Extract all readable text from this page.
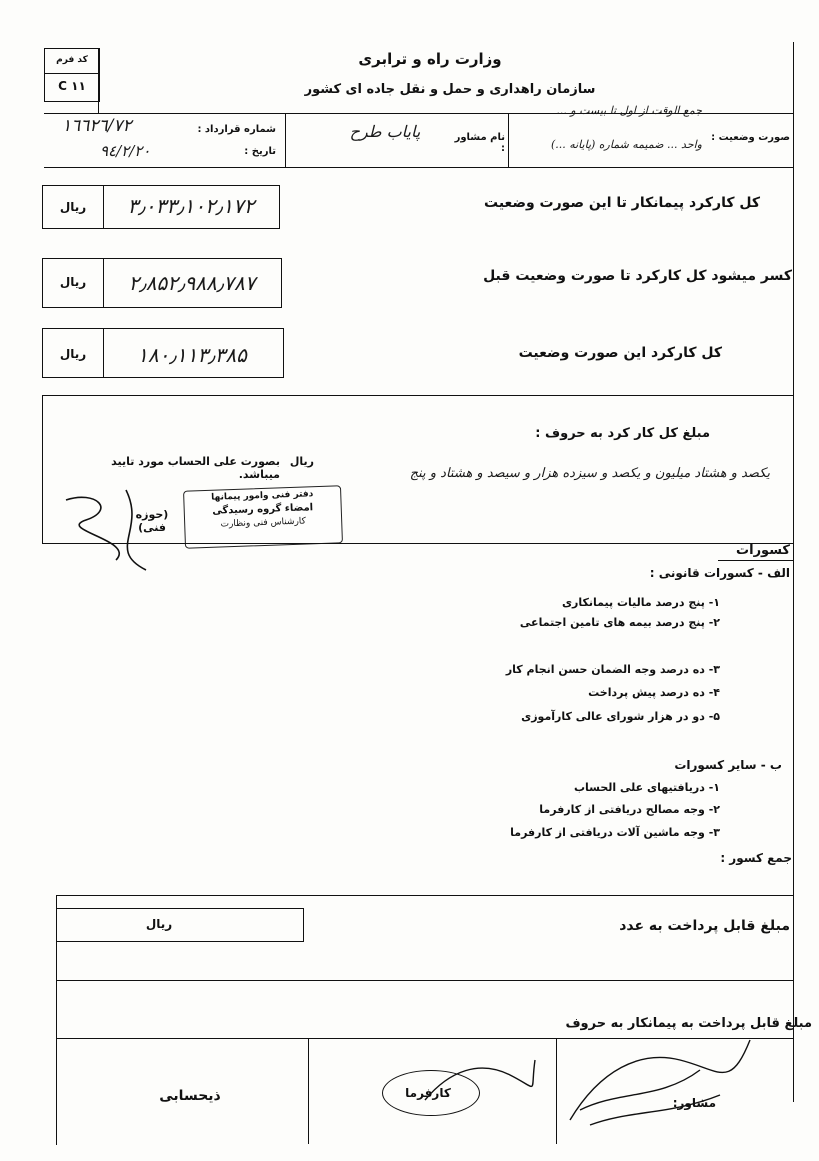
کد فرم
C ۱۱
وزارت راه و ترابری
سازمان راهداری و حمل و نقل جاده ای کشور
۱٦٦٢٦/٧٢	شماره قرارداد :
٩٤/٢/٢٠	تاریخ :
پایاب طرح	نام مشاور :
جمع الوقت از اول تا بیست و ...
واحد ... ضمیمه شماره (پایانه ...)
صورت وضعیت :
۳٫۰۳۳٫۱۰۲٫۱۷۲
ریال	کل کارکرد پیمانکار تا این صورت وضعیت
۲٫۸۵۲٫۹۸۸٫۷۸۷
ریال	کسر میشود کل کارکرد تا صورت وضعیت قبل
۱۸۰٫۱۱۳٫۳۸۵
ریال	کل کارکرد این صورت وضعیت
مبلغ کل کار کرد به حروف :
یکصد و هشتاد میلیون و یکصد و سیزده هزار و سیصد و هشتاد و پنج
ریال
بصورت علی الحساب مورد تایید میباشد.
دفتر فنی وامور پیمانها
امضاء گروه رسیدگی
کارشناس فنی ونظارت
(حوزه فنی)
کسورات
الف - کسورات قانونی :
۱- پنج درصد مالیات پیمانکاری
۲- پنج درصد بیمه های تامین اجتماعی
۳- ده درصد وجه الضمان حسن انجام کار
۴- ده درصد پیش پرداخت
۵- دو در هزار شورای عالی کارآموزی
ب - سایر کسورات
۱- دریافتیهای علی الحساب
۲- وجه مصالح دریافتی از کارفرما
۳- وجه ماشین آلات دریافتی از کارفرما
جمع کسور :
ریال	مبلغ قابل پرداخت به عدد
مبلغ قابل پرداخت به پیمانکار به حروف
ذیحسابی	کارفرما
مشاور:
